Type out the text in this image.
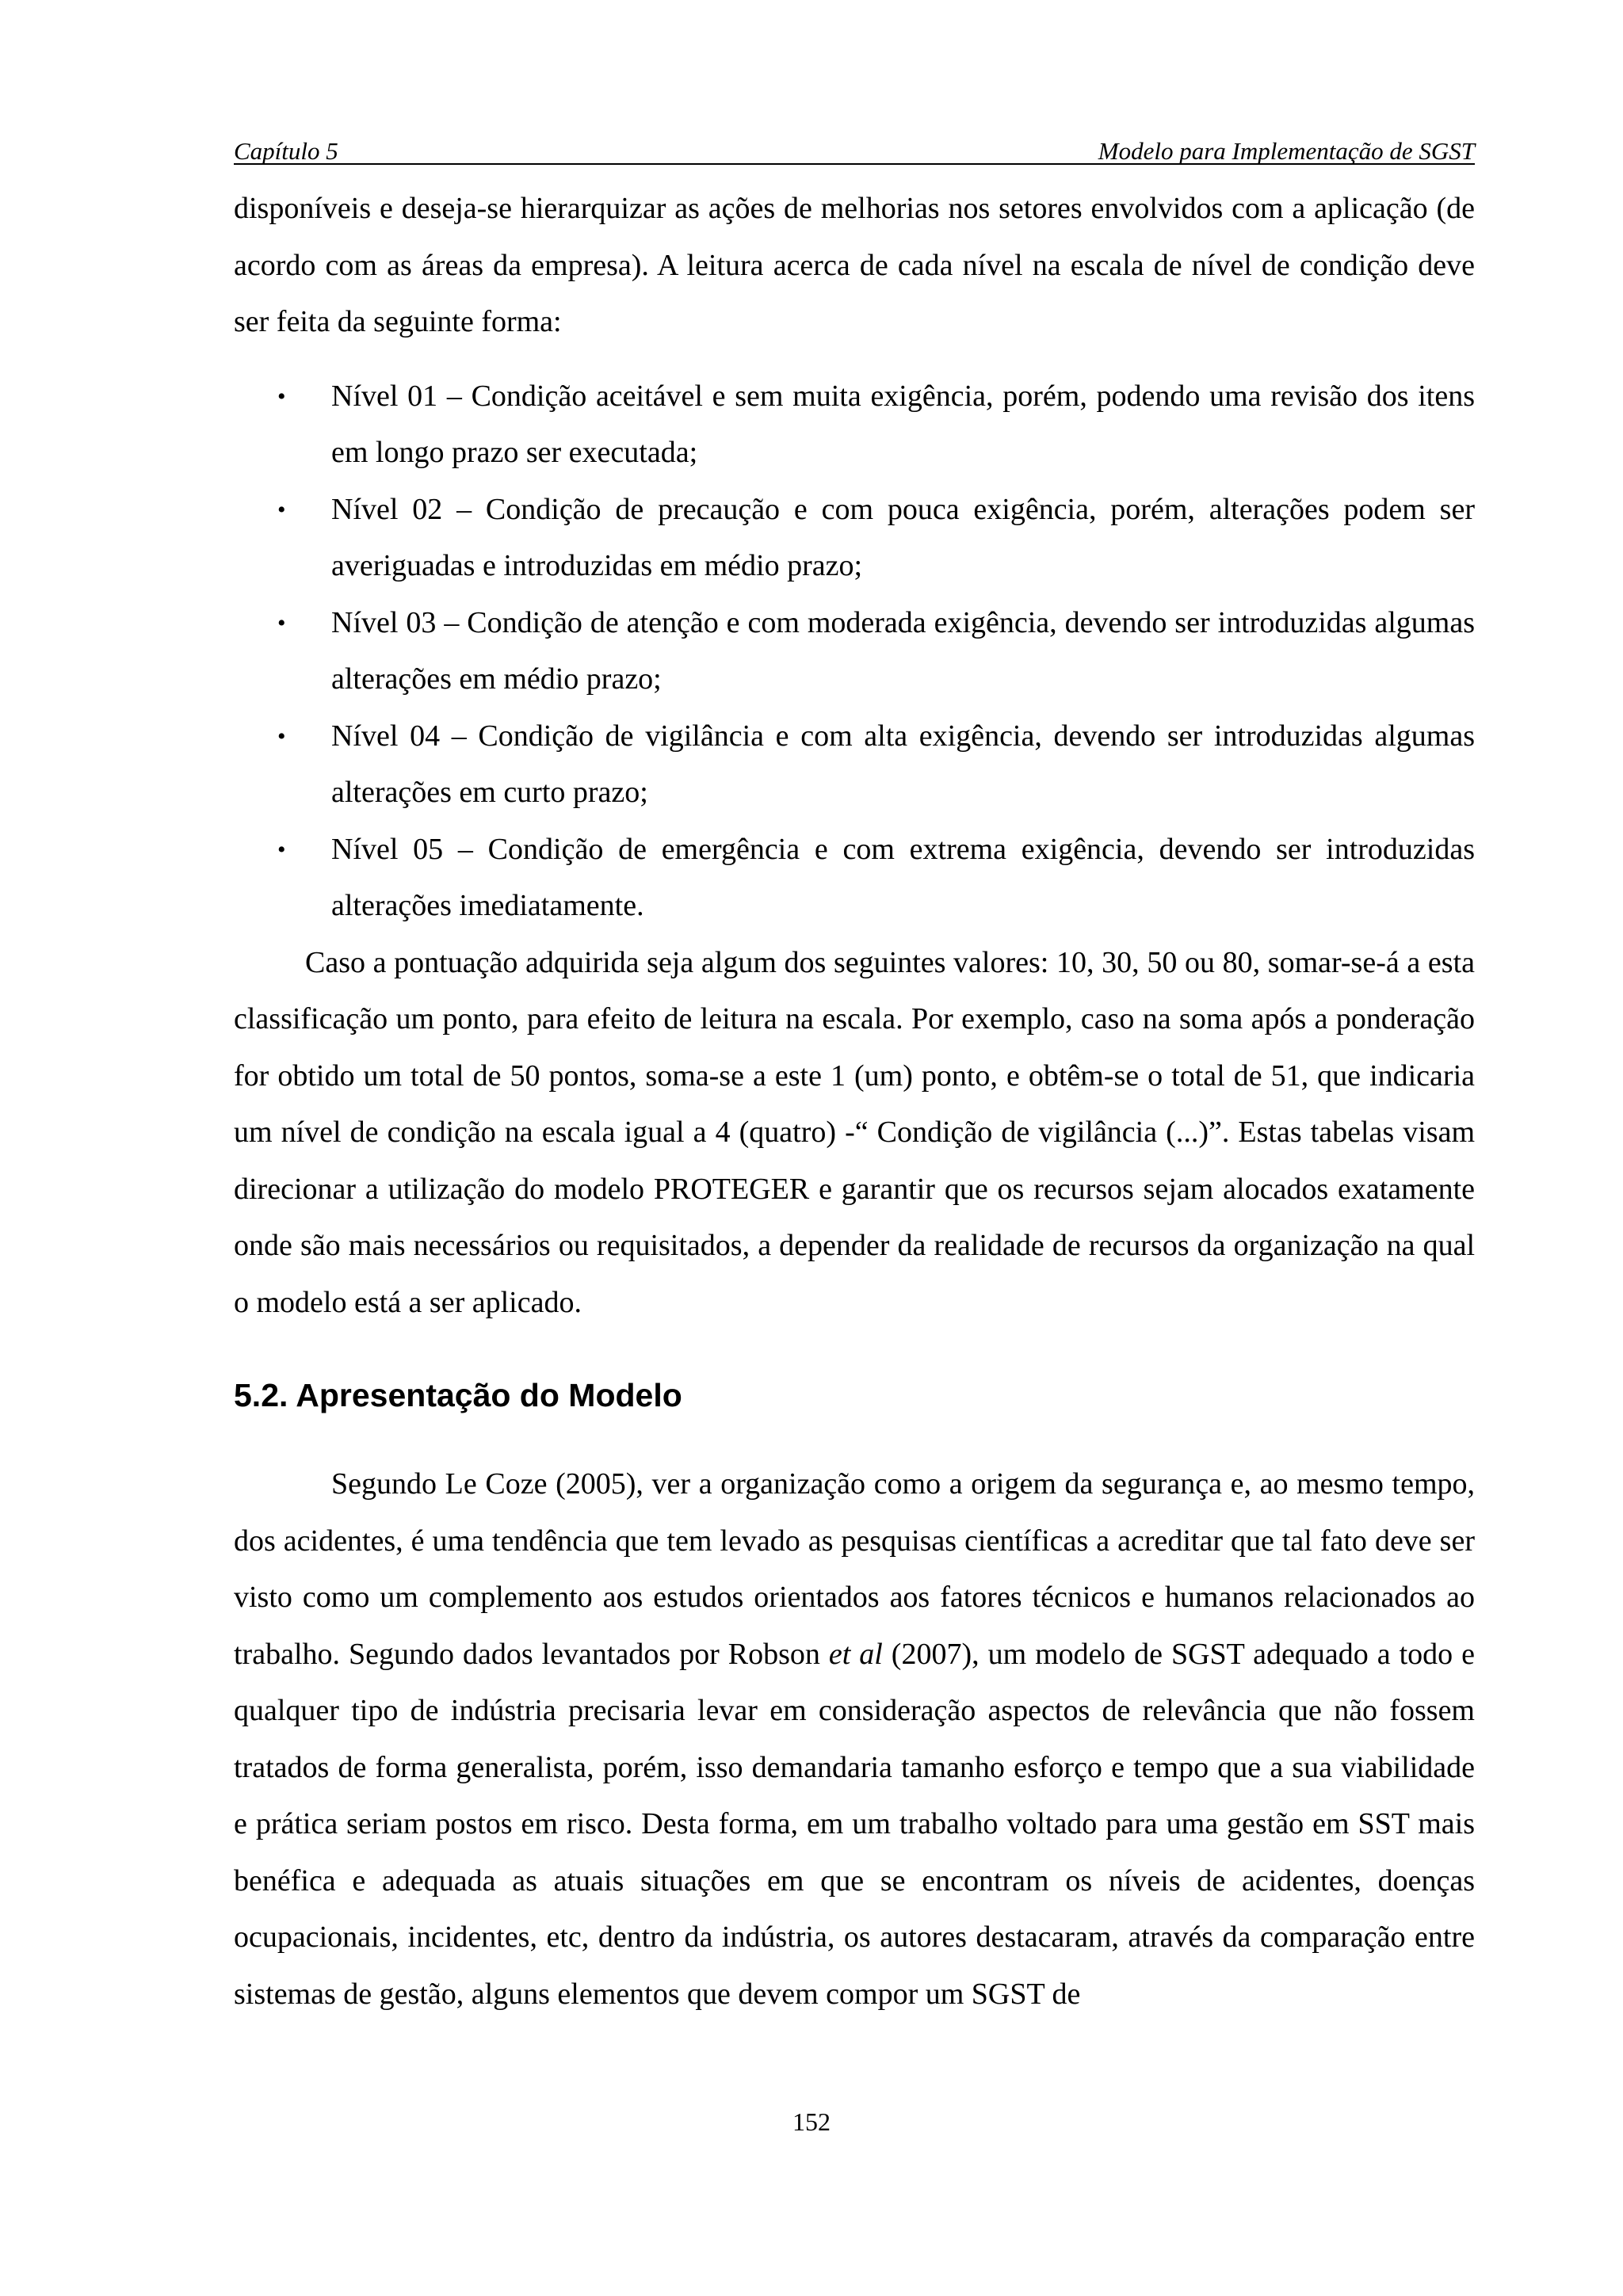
Capítulo 5	Modelo para Implementação de SGST

disponíveis e deseja-se hierarquizar as ações de melhorias nos setores envolvidos com a aplicação (de acordo com as áreas da empresa). A leitura acerca de cada nível na escala de nível de condição deve ser feita da seguinte forma:

• Nível 01 – Condição aceitável e sem muita exigência, porém, podendo uma revisão dos itens em longo prazo ser executada;
• Nível 02 – Condição de precaução e com pouca exigência, porém, alterações podem ser averiguadas e introduzidas em médio prazo;
• Nível 03 – Condição de atenção e com moderada exigência, devendo ser introduzidas algumas alterações em médio prazo;
• Nível 04 – Condição de vigilância e com alta exigência, devendo ser introduzidas algumas alterações em curto prazo;
• Nível 05 – Condição de emergência e com extrema exigência, devendo ser introduzidas alterações imediatamente.

Caso a pontuação adquirida seja algum dos seguintes valores: 10, 30, 50 ou 80, somar-se-á a esta classificação um ponto, para efeito de leitura na escala. Por exemplo, caso na soma após a ponderação for obtido um total de 50 pontos, soma-se a este 1 (um) ponto, e obtêm-se o total de 51, que indicaria um nível de condição na escala igual a 4 (quatro) -“ Condição de vigilância (...)”. Estas tabelas visam direcionar a utilização do modelo PROTEGER e garantir que os recursos sejam alocados exatamente onde são mais necessários ou requisitados, a depender da realidade de recursos da organização na qual o modelo está a ser aplicado.

5.2. Apresentação do Modelo

Segundo Le Coze (2005), ver a organização como a origem da segurança e, ao mesmo tempo, dos acidentes, é uma tendência que tem levado as pesquisas científicas a acreditar que tal fato deve ser visto como um complemento aos estudos orientados aos fatores técnicos e humanos relacionados ao trabalho. Segundo dados levantados por Robson et al (2007), um modelo de SGST adequado a todo e qualquer tipo de indústria precisaria levar em consideração aspectos de relevância que não fossem tratados de forma generalista, porém, isso demandaria tamanho esforço e tempo que a sua viabilidade e prática seriam postos em risco. Desta forma, em um trabalho voltado para uma gestão em SST mais benéfica e adequada as atuais situações em que se encontram os níveis de acidentes, doenças ocupacionais, incidentes, etc, dentro da indústria, os autores destacaram, através da comparação entre sistemas de gestão, alguns elementos que devem compor um SGST de

152
